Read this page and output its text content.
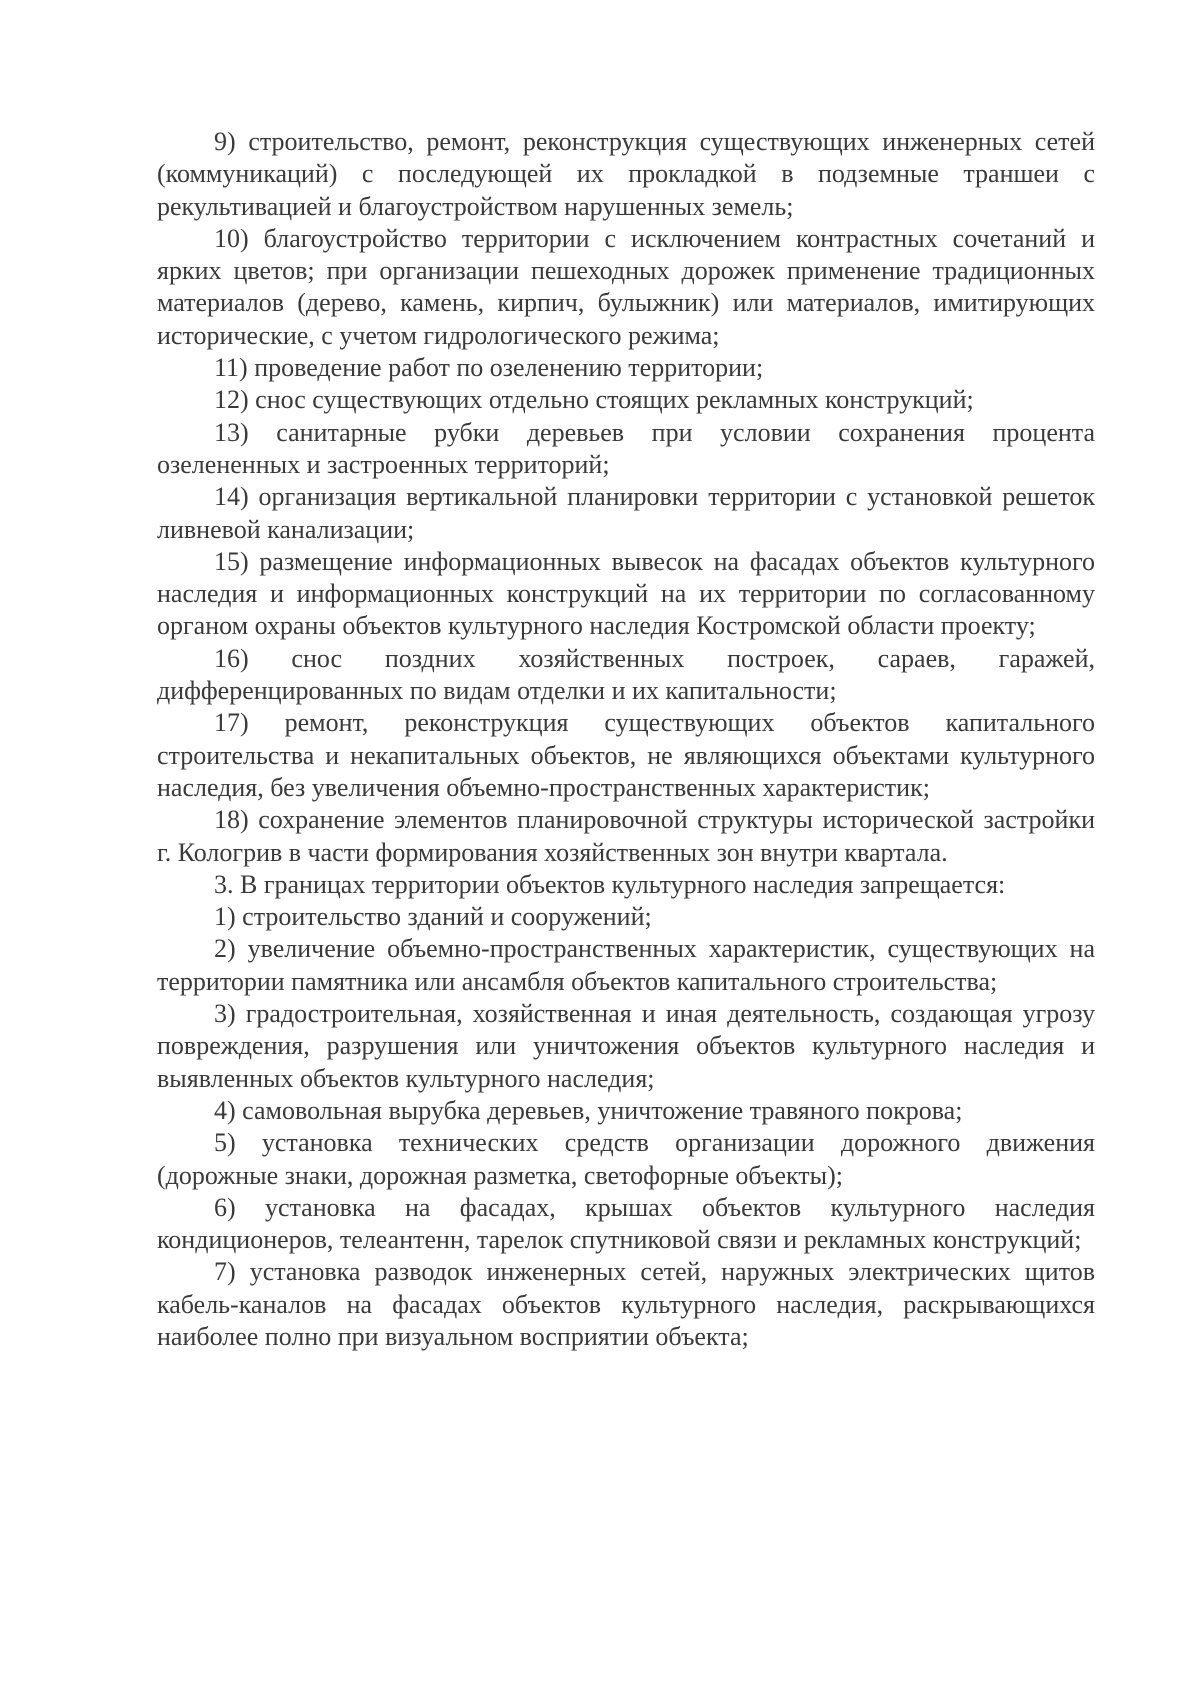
9) строительство, ремонт, реконструкция существующих инженерных сетей (коммуникаций) с последующей их прокладкой в подземные траншеи с рекультивацией и благоустройством нарушенных земель;

10) благоустройство территории с исключением контрастных сочетаний и ярких цветов; при организации пешеходных дорожек применение традиционных материалов (дерево, камень, кирпич, булыжник) или материалов, имитирующих исторические, с учетом гидрологического режима;

11) проведение работ по озеленению территории;

12) снос существующих отдельно стоящих рекламных конструкций;

13) санитарные рубки деревьев при условии сохранения процента озелененных и застроенных территорий;

14) организация вертикальной планировки территории с установкой решеток ливневой канализации;

15) размещение информационных вывесок на фасадах объектов культурного наследия и информационных конструкций на их территории по согласованному органом охраны объектов культурного наследия Костромской области проекту;

16) снос поздних хозяйственных построек, сараев, гаражей, дифференцированных по видам отделки и их капитальности;

17) ремонт, реконструкция существующих объектов капитального строительства и некапитальных объектов, не являющихся объектами культурного наследия, без увеличения объемно-пространственных характеристик;

18) сохранение элементов планировочной структуры исторической застройки г. Кологрив в части формирования хозяйственных зон внутри квартала.

3. В границах территории объектов культурного наследия запрещается:

1) строительство зданий и сооружений;

2) увеличение объемно-пространственных характеристик, существующих на территории памятника или ансамбля объектов капитального строительства;

3) градостроительная, хозяйственная и иная деятельность, создающая угрозу повреждения, разрушения или уничтожения объектов культурного наследия и выявленных объектов культурного наследия;

4) самовольная вырубка деревьев, уничтожение травяного покрова;

5) установка технических средств организации дорожного движения (дорожные знаки, дорожная разметка, светофорные объекты);

6) установка на фасадах, крышах объектов культурного наследия кондиционеров, телеантенн, тарелок спутниковой связи и рекламных конструкций;

7) установка разводок инженерных сетей, наружных электрических щитов кабель-каналов на фасадах объектов культурного наследия, раскрывающихся наиболее полно при визуальном восприятии объекта;
